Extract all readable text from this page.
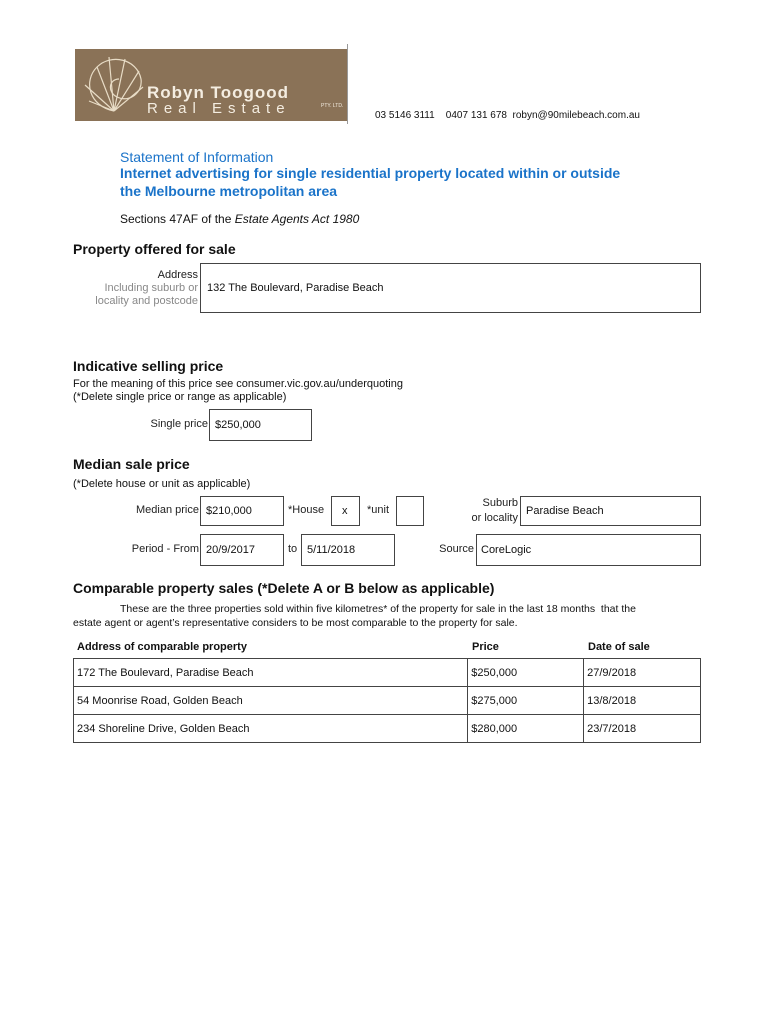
Robyn Toogood
Real Estate	PTY. LTD.
03 5146 3111    0407 131 678  robyn@90milebeach.com.au
Statement of Information
Internet advertising for single residential property located within or outside
the Melbourne metropolitan area
Sections 47AF of the Estate Agents Act 1980
Property offered for sale
Address
Including suburb or
locality and postcode
132 The Boulevard, Paradise Beach
Indicative selling price
For the meaning of this price see consumer.vic.gov.au/underquoting
(*Delete single price or range as applicable)
Single price $250,000
Median sale price
(*Delete house or unit as applicable)
Median price $210,000	*House x *unit
Suburb
or locality
Paradise Beach
Period - From 20/9/2017	to 5/11/2018	Source CoreLogic
Comparable property sales (*Delete A or B below as applicable)
These are the three properties sold within five kilometres* of the property for sale in the last 18 months  that the
estate agent or agent’s representative considers to be most comparable to the property for sale.
Address of comparable property	Price	Date of sale
172 The Boulevard, Paradise Beach	$250,000	27/9/2018
54 Moonrise Road, Golden Beach	$275,000	13/8/2018
234 Shoreline Drive, Golden Beach	$280,000	23/7/2018
